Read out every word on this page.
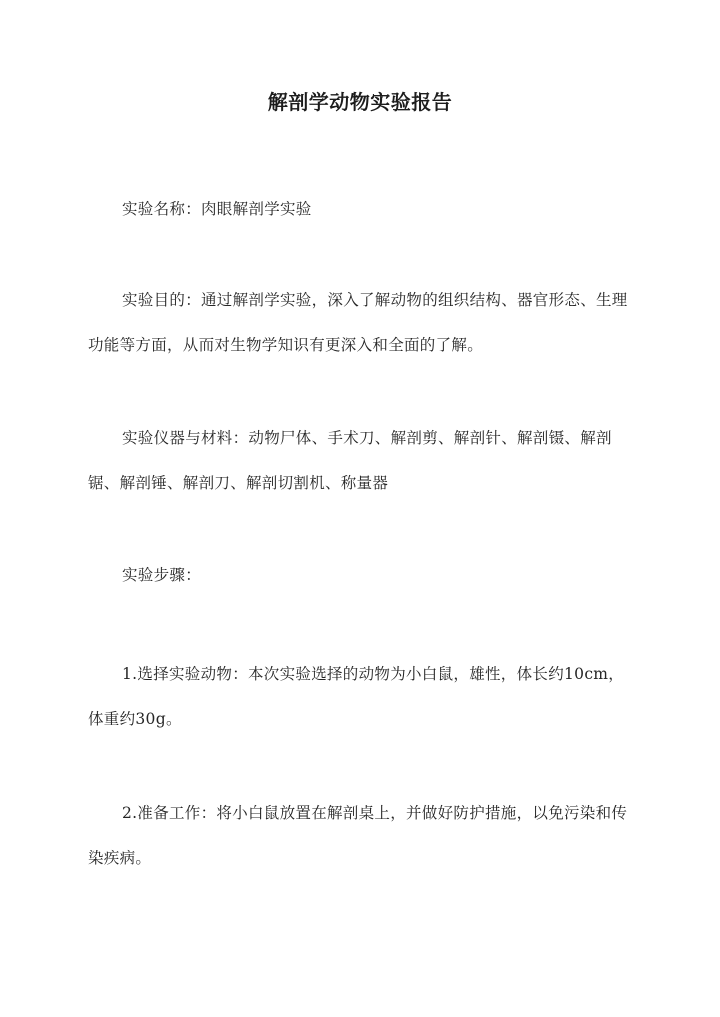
解剖学动物实验报告

实验名称：肉眼解剖学实验

实验目的：通过解剖学实验，深入了解动物的组织结构、器官形态、生理功能等方面，从而对生物学知识有更深入和全面的了解。

实验仪器与材料：动物尸体、手术刀、解剖剪、解剖针、解剖镊、解剖锯、解剖锤、解剖刀、解剖切割机、称量器

实验步骤：

1.选择实验动物：本次实验选择的动物为小白鼠，雄性，体长约10cm，体重约30g。

2.准备工作：将小白鼠放置在解剖桌上，并做好防护措施，以免污染和传染疾病。
